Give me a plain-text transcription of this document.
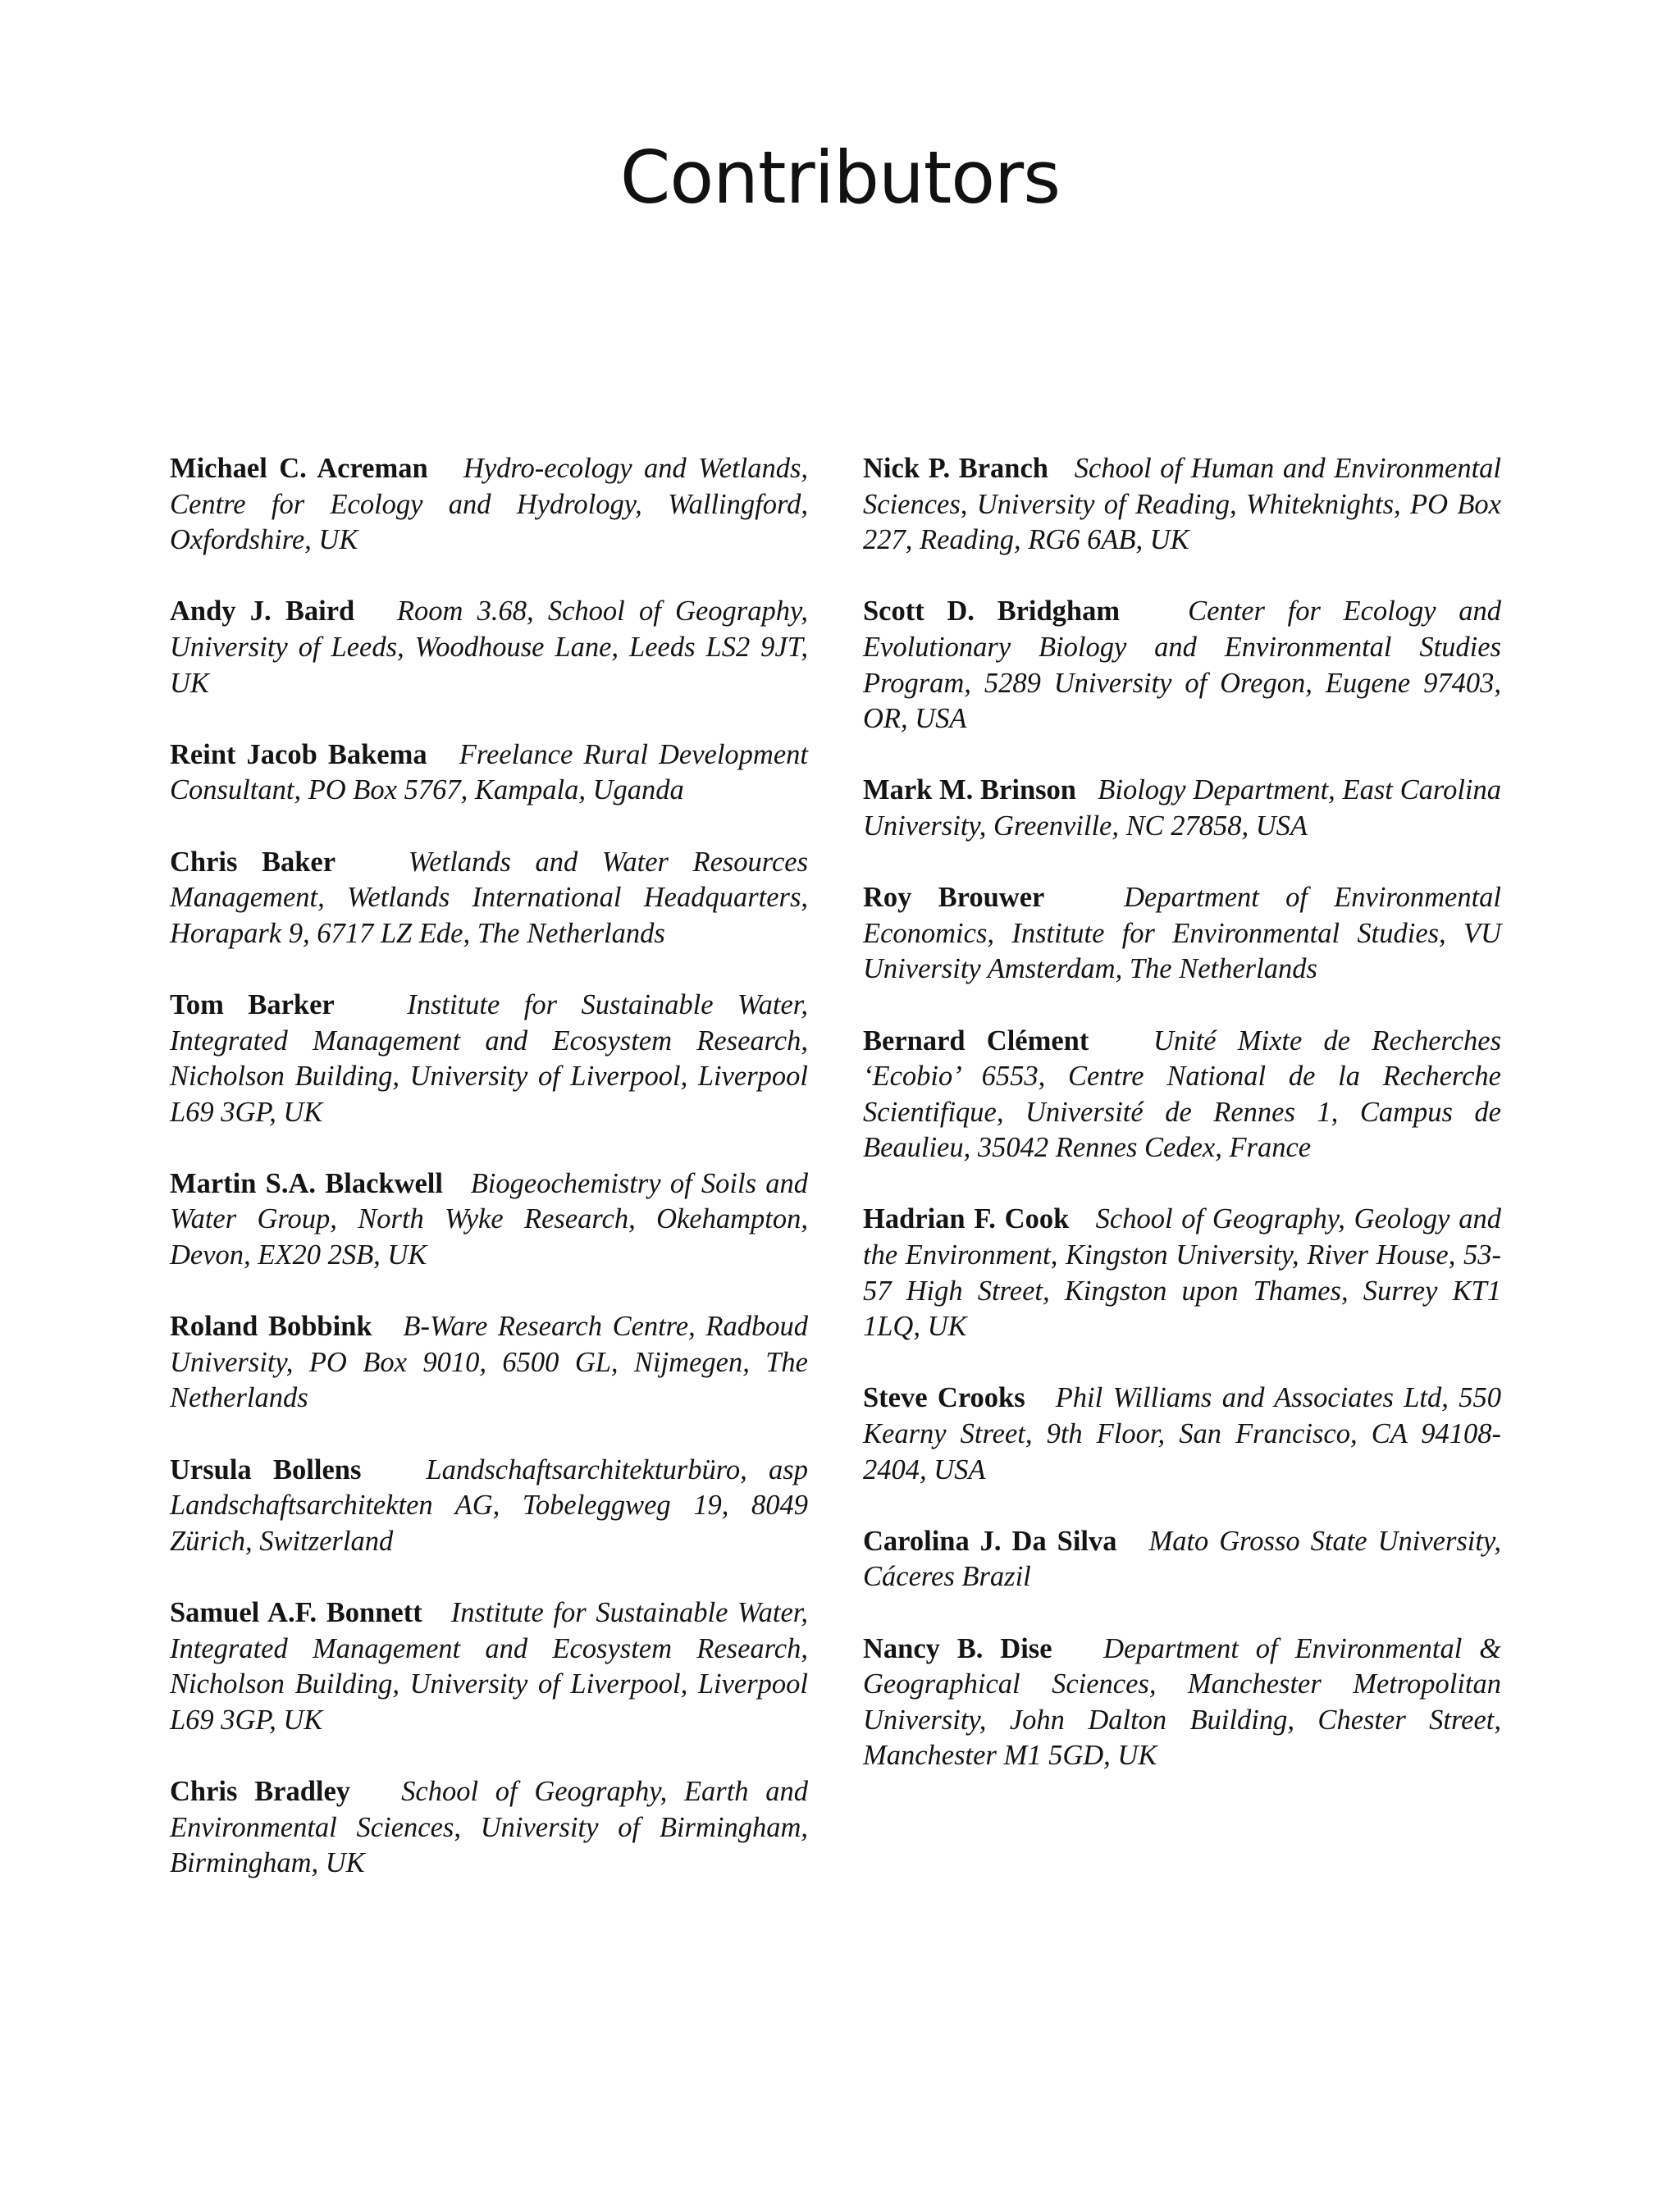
Contributors

Michael C. Acreman Hydro-ecology and Wetlands, Centre for Ecology and Hydrology, Wallingford, Oxfordshire, UK

Andy J. Baird Room 3.68, School of Geography, University of Leeds, Woodhouse Lane, Leeds LS2 9JT, UK

Reint Jacob Bakema Freelance Rural Development Consultant, PO Box 5767, Kampala, Uganda

Chris Baker	Wetlands and Water Resources Management, Wetlands International Headquarters, Horapark 9, 6717 LZ Ede, The Netherlands

Tom Barker	Institute for Sustainable Water, Integrated Management and Ecosystem Research, Nicholson Building, University of Liverpool, Liverpool L69 3GP, UK

Martin S.A. Blackwell Biogeochemistry of Soils and Water Group, North Wyke Research, Okehampton, Devon, EX20 2SB, UK

Roland Bobbink B-Ware Research Centre, Radboud University, PO Box 9010, 6500 GL, Nijmegen, The Netherlands

Ursula Bollens Landschaftsarchitekturbüro, asp Landschaftsarchitekten AG, Tobeleggweg 19, 8049 Zürich, Switzerland

Samuel A.F. Bonnett Institute for Sustainable Water, Integrated Management and Ecosystem Research, Nicholson Building, University of Liverpool, Liverpool L69 3GP, UK

Chris Bradley School of Geography, Earth and Environmental Sciences, University of Birmingham, Birmingham, UK

Nick P. Branch School of Human and Environmental Sciences, University of Reading, Whiteknights, PO Box 227, Reading, RG6 6AB, UK

Scott D. Bridgham Center for Ecology and Evolutionary Biology and Environmental Studies Program, 5289 University of Oregon, Eugene 97403, OR, USA

Mark M. Brinson Biology Department, East Carolina University, Greenville, NC 27858, USA

Roy Brouwer	Department of Environmental Economics, Institute for Environmental Studies, VU University Amsterdam, The Netherlands

Bernard Clément Unité Mixte de Recherches ‘Ecobio’ 6553, Centre National de la Recherche Scientifique, Université de Rennes 1, Campus de Beaulieu, 35042 Rennes Cedex, France

Hadrian F. Cook School of Geography, Geology and the Environment, Kingston University, River House, 53-57 High Street, Kingston upon Thames, Surrey KT1 1LQ, UK

Steve Crooks Phil Williams and Associates Ltd, 550 Kearny Street, 9th Floor, San Francisco, CA 94108-2404, USA

Carolina J. Da Silva Mato Grosso State University, Cáceres Brazil

Nancy B. Dise Department of Environmental & Geographical Sciences, Manchester Metropolitan University, John Dalton Building, Chester Street, Manchester M1 5GD, UK
